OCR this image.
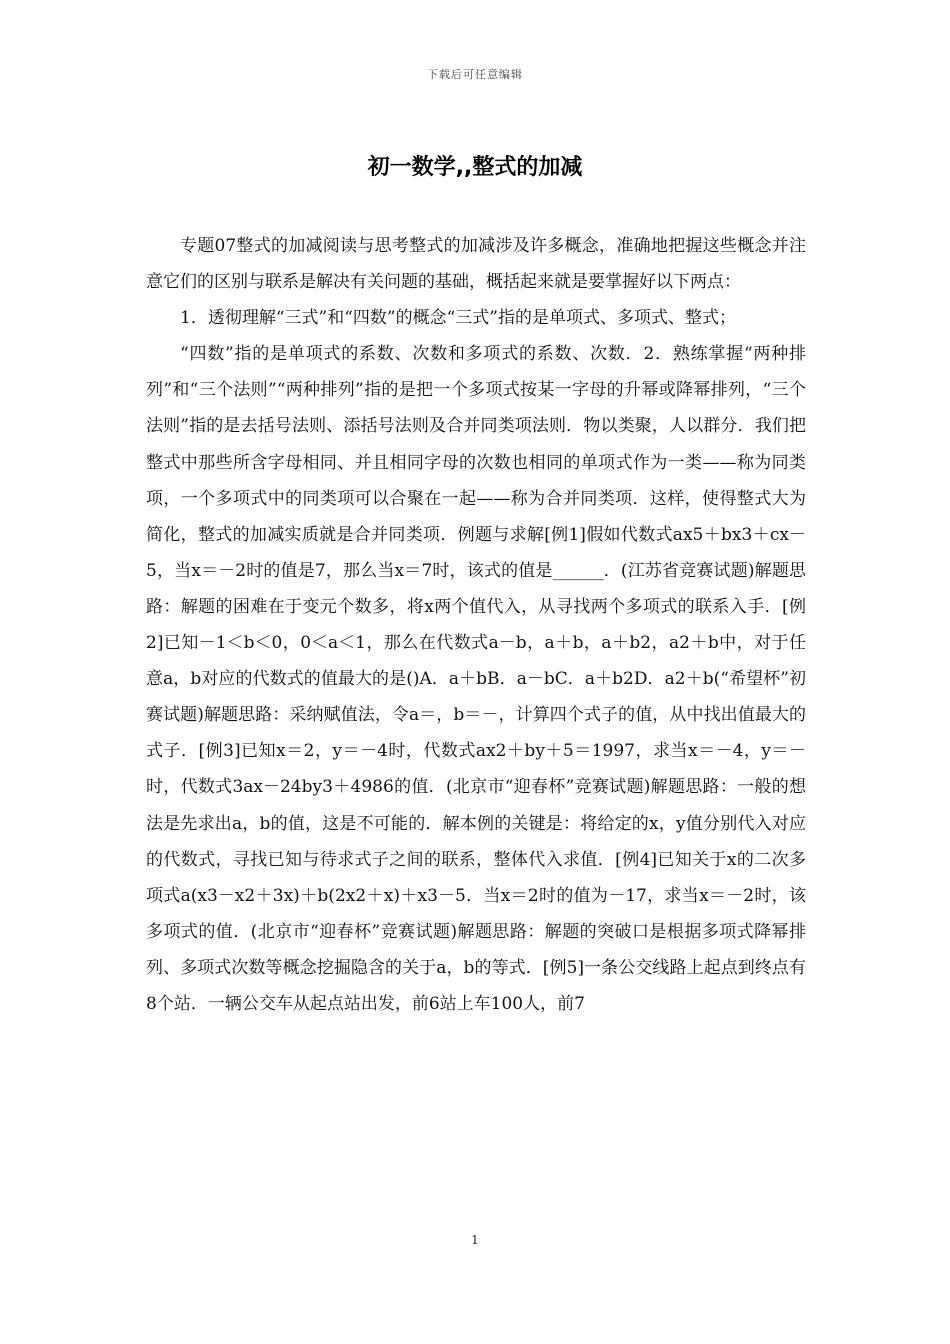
下载后可任意编辑
初一数学,,整式的加减

专题07整式的加减阅读与思考整式的加减涉及许多概念，准确地把握这些概念并注意它们的区别与联系是解决有关问题的基础，概括起来就是要掌握好以下两点：

1．透彻理解“三式”和“四数”的概念“三式”指的是单项式、多项式、整式；

“四数”指的是单项式的系数、次数和多项式的系数、次数．2．熟练掌握“两种排列”和“三个法则”“两种排列”指的是把一个多项式按某一字母的升幂或降幂排列，“三个法则”指的是去括号法则、添括号法则及合并同类项法则．物以类聚，人以群分．我们把整式中那些所含字母相同、并且相同字母的次数也相同的单项式作为一类——称为同类项，一个多项式中的同类项可以合聚在一起——称为合并同类项．这样，使得整式大为简化，整式的加减实质就是合并同类项．例题与求解[例1]假如代数式ax5＋bx3＋cx－5，当x＝－2时的值是7，那么当x＝7时，该式的值是______．(江苏省竞赛试题)解题思路：解题的困难在于变元个数多，将x两个值代入，从寻找两个多项式的联系入手．[例2]已知－1＜b＜0，0＜a＜1，那么在代数式a－b，a＋b，a＋b2，a2＋b中，对于任意a，b对应的代数式的值最大的是()A．a＋bB．a－bC．a＋b2D．a2＋b(“希望杯”初赛试题)解题思路：采纳赋值法，令a＝，b＝－，计算四个式子的值，从中找出值最大的式子．[例3]已知x＝2，y＝－4时，代数式ax2＋by＋5＝1997，求当x＝－4，y＝－时，代数式3ax－24by3＋4986的值．(北京市“迎春杯”竞赛试题)解题思路：一般的想法是先求出a，b的值，这是不可能的．解本例的关键是：将给定的x，y值分别代入对应的代数式，寻找已知与待求式子之间的联系，整体代入求值．[例4]已知关于x的二次多项式a(x3－x2＋3x)＋b(2x2＋x)＋x3－5．当x＝2时的值为－17，求当x＝－2时，该多项式的值．(北京市“迎春杯”竞赛试题)解题思路：解题的突破口是根据多项式降幂排列、多项式次数等概念挖掘隐含的关于a，b的等式．[例5]一条公交线路上起点到终点有8个站．一辆公交车从起点站出发，前6站上车100人，前7

1
